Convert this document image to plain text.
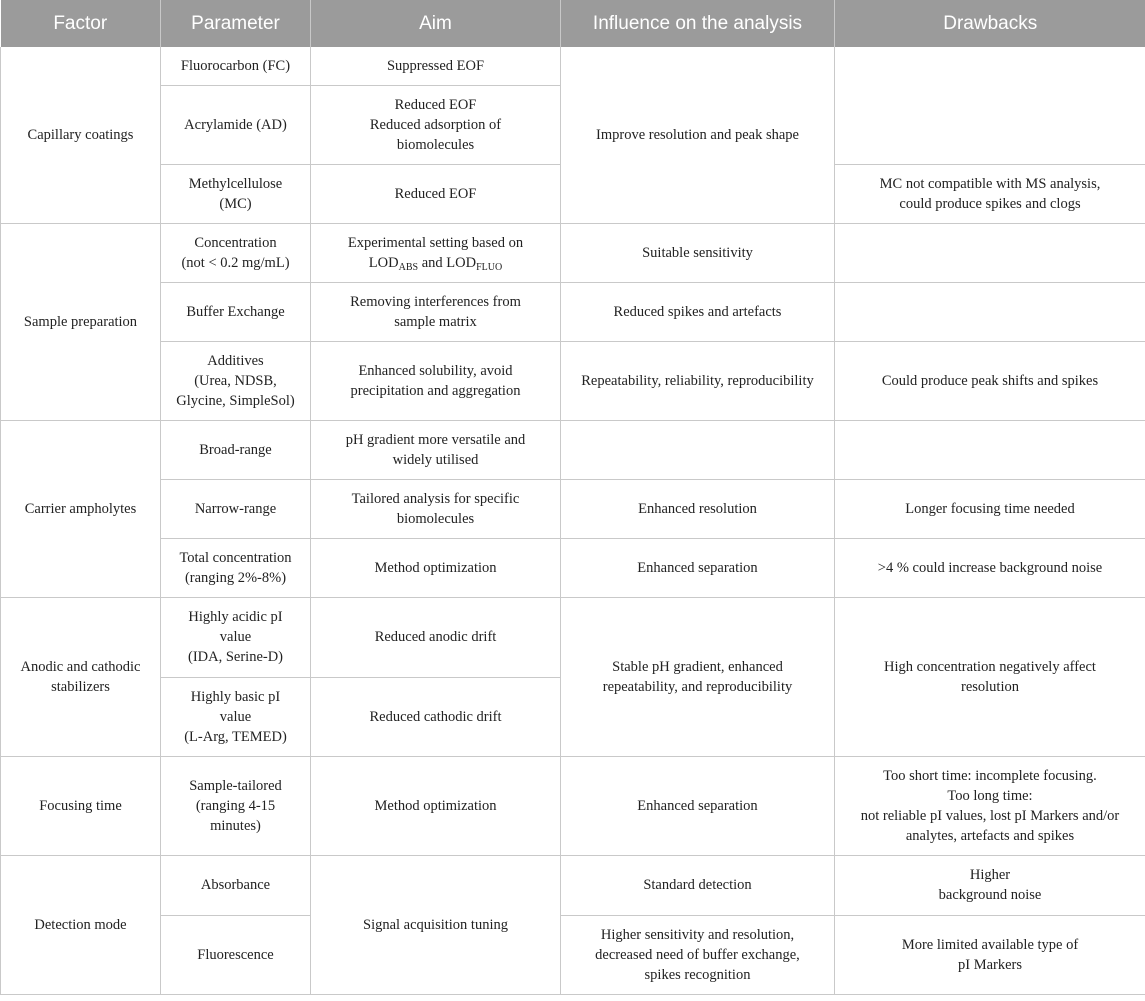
Factor	Parameter	Aim	Influence on the analysis	Drawbacks

Capillary coatings	Fluorocarbon (FC)	Suppressed EOF	Improve resolution and peak shape	

	Acrylamide (AD)	Reduced EOF
Reduced adsorption of
biomolecules		

	Methylcellulose
(MC)	Reduced EOF		MC not compatible with MS analysis,
could produce spikes and clogs

Sample preparation	Concentration
(not < 0.2 mg/mL)	Experimental setting based on
$LOD_{ABS}$ and $LOD_{FLUO}$	Suitable sensitivity	

	Buffer Exchange	Removing interferences from
sample matrix	Reduced spikes and artefacts	

	Additives
(Urea, NDSB,
Glycine, SimpleSol)	Enhanced solubility, avoid
precipitation and aggregation	Repeatability, reliability, reproducibility	Could produce peak shifts and spikes

Carrier ampholytes	Broad-range	pH gradient more versatile and
widely utilised		

	Narrow-range	Tailored analysis for specific
biomolecules	Enhanced resolution	Longer focusing time needed

	Total concentration
(ranging 2%-8%)	Method optimization	Enhanced separation	>4 % could increase background noise

Anodic and cathodic
stabilizers	Highly acidic pI
value
(IDA, Serine-D)	Reduced anodic drift	Stable pH gradient, enhanced
repeatability, and reproducibility	High concentration negatively affect
resolution

	Highly basic pI
value
(L-Arg, TEMED)	Reduced cathodic drift		

Focusing time	Sample-tailored
(ranging 4-15
minutes)	Method optimization	Enhanced separation	Too short time: incomplete focusing.
Too long time:
not reliable pI values, lost pI Markers and/or
analytes, artefacts and spikes

Detection mode	Absorbance	Signal acquisition tuning	Standard detection	Higher
background noise

	Fluorescence		Higher sensitivity and resolution,
decreased need of buffer exchange,
spikes recognition	More limited available type of
pI Markers
